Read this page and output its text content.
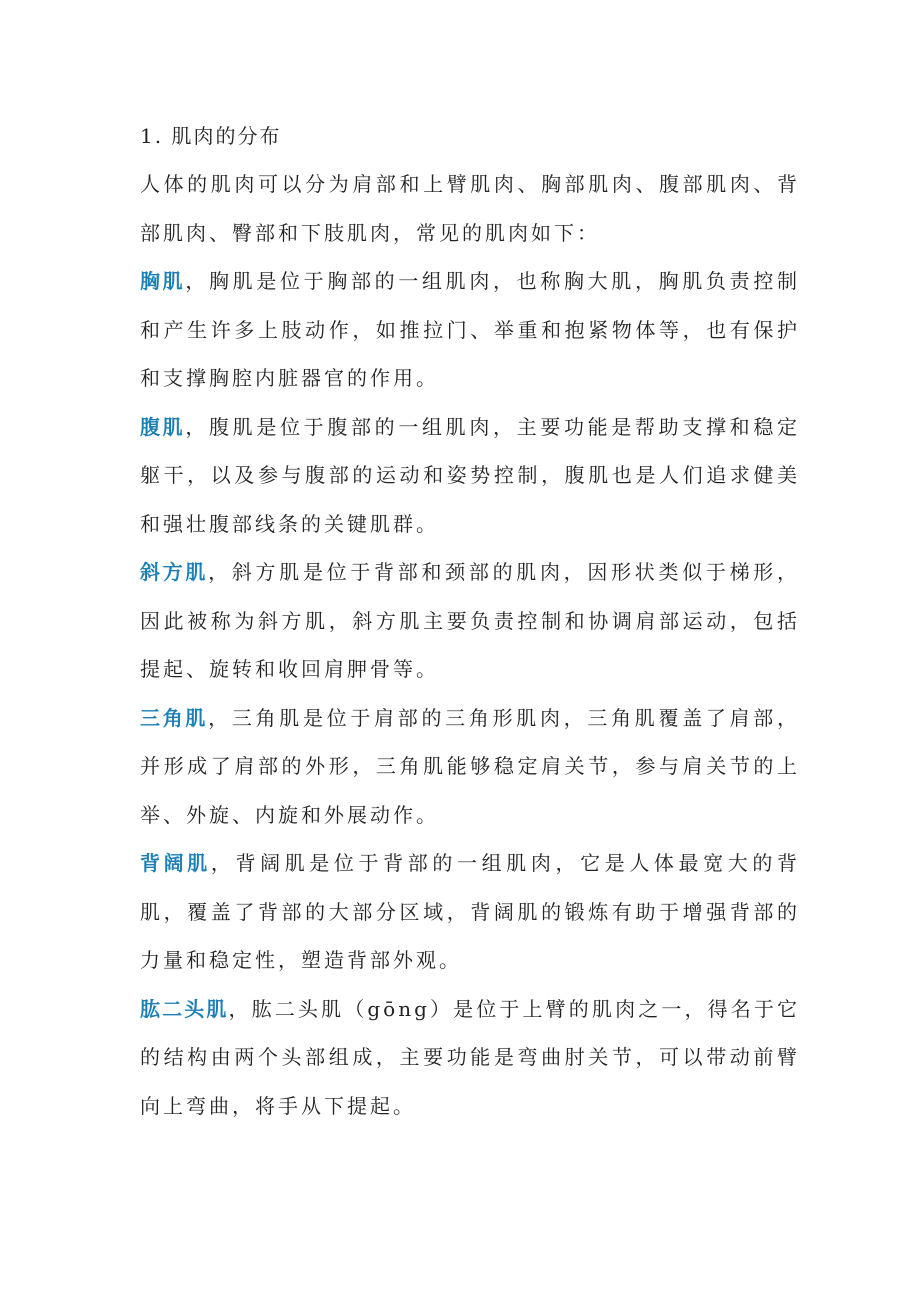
1. 肌肉的分布

人体的肌肉可以分为肩部和上臂肌肉、胸部肌肉、腹部肌肉、背部肌肉、臀部和下肢肌肉，常见的肌肉如下：

胸肌，胸肌是位于胸部的一组肌肉，也称胸大肌，胸肌负责控制和产生许多上肢动作，如推拉门、举重和抱紧物体等，也有保护和支撑胸腔内脏器官的作用。

腹肌，腹肌是位于腹部的一组肌肉，主要功能是帮助支撑和稳定躯干，以及参与腹部的运动和姿势控制，腹肌也是人们追求健美和强壮腹部线条的关键肌群。

斜方肌，斜方肌是位于背部和颈部的肌肉，因形状类似于梯形，因此被称为斜方肌，斜方肌主要负责控制和协调肩部运动，包括提起、旋转和收回肩胛骨等。

三角肌，三角肌是位于肩部的三角形肌肉，三角肌覆盖了肩部，并形成了肩部的外形，三角肌能够稳定肩关节，参与肩关节的上举、外旋、内旋和外展动作。

背阔肌，背阔肌是位于背部的一组肌肉，它是人体最宽大的背肌，覆盖了背部的大部分区域，背阔肌的锻炼有助于增强背部的力量和稳定性，塑造背部外观。

肱二头肌，肱二头肌（gōng）是位于上臂的肌肉之一，得名于它的结构由两个头部组成，主要功能是弯曲肘关节，可以带动前臂向上弯曲，将手从下提起。
